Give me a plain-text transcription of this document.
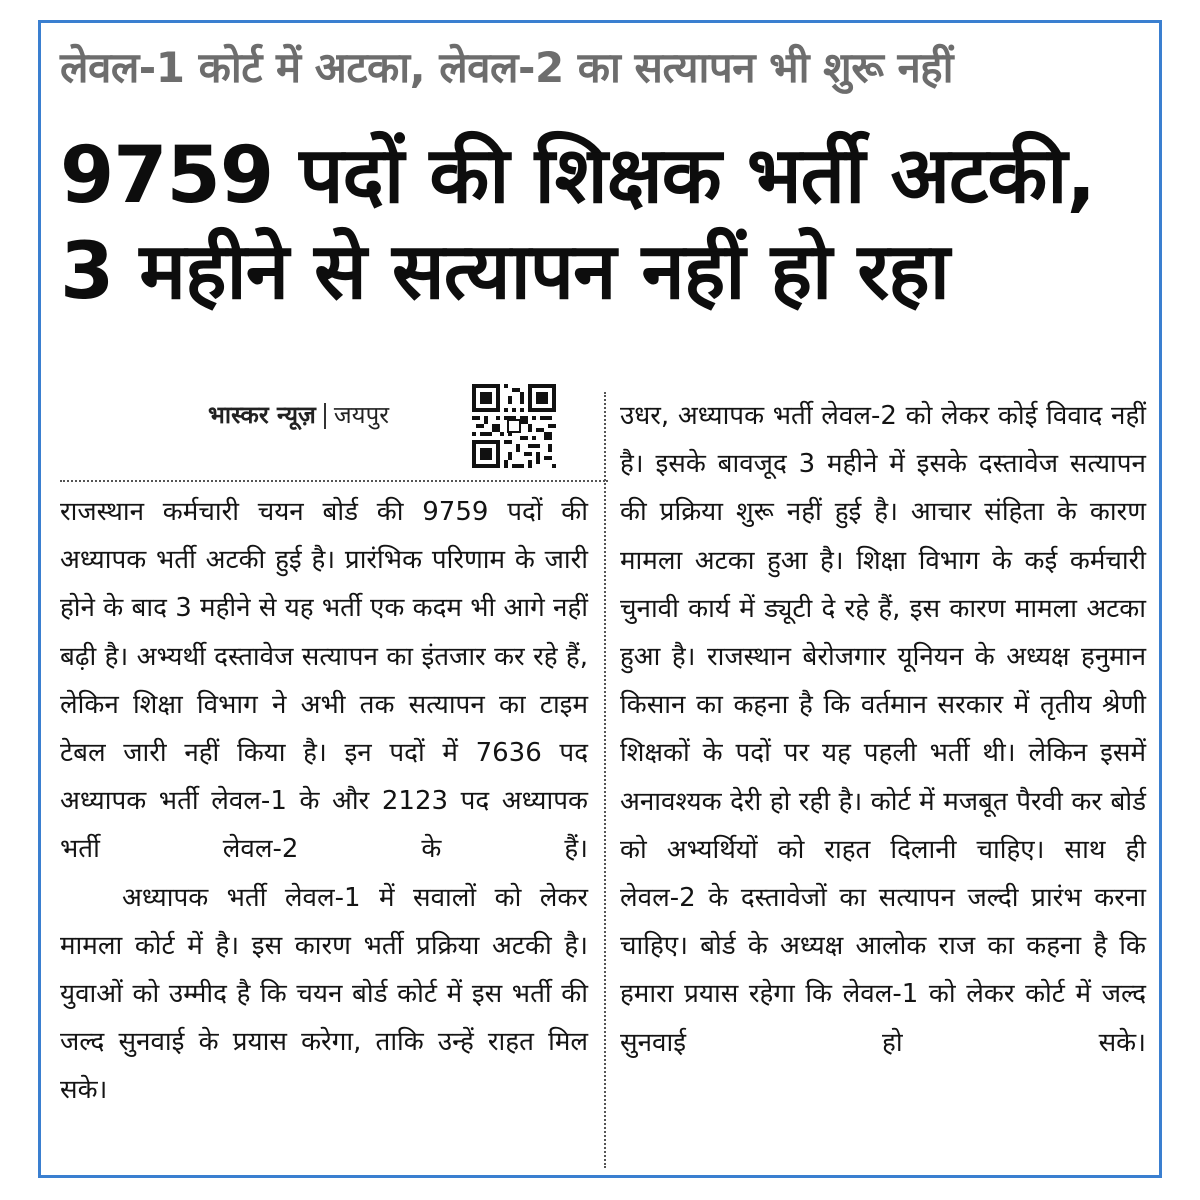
लेवल-1 कोर्ट में अटका, लेवल-2 का सत्यापन भी शुरू नहीं
9759 पदों की शिक्षक भर्ती अटकी,
3 महीने से सत्यापन नहीं हो रहा
भास्कर न्यूज़ जयपुर

राजस्थान कर्मचारी चयन बोर्ड की 9759 पदों की अध्यापक भर्ती अटकी हुई है। प्रारंभिक परिणाम के जारी होने के बाद 3 महीने से यह भर्ती एक कदम भी आगे नहीं बढ़ी है। अभ्यर्थी दस्तावेज सत्यापन का इंतजार कर रहे हैं, लेकिन शिक्षा विभाग ने अभी तक सत्यापन का टाइम टेबल जारी नहीं किया है। इन पदों में 7636 पद अध्यापक भर्ती लेवल-1 के और 2123 पद अध्यापक भर्ती लेवल-2 के हैं।

अध्यापक भर्ती लेवल-1 में सवालों को लेकर मामला कोर्ट में है। इस कारण भर्ती प्रक्रिया अटकी है। युवाओं को उम्मीद है कि चयन बोर्ड कोर्ट में इस भर्ती की जल्द सुनवाई के प्रयास करेगा, ताकि उन्हें राहत मिल सके।

उधर, अध्यापक भर्ती लेवल-2 को लेकर कोई विवाद नहीं है। इसके बावजूद 3 महीने में इसके दस्तावेज सत्यापन की प्रक्रिया शुरू नहीं हुई है। आचार संहिता के कारण मामला अटका हुआ है। शिक्षा विभाग के कई कर्मचारी चुनावी कार्य में ड्यूटी दे रहे हैं, इस कारण मामला अटका हुआ है। राजस्थान बेरोजगार यूनियन के अध्यक्ष हनुमान किसान का कहना है कि वर्तमान सरकार में तृतीय श्रेणी शिक्षकों के पदों पर यह पहली भर्ती थी। लेकिन इसमें अनावश्यक देरी हो रही है। कोर्ट में मजबूत पैरवी कर बोर्ड को अभ्यर्थियों को राहत दिलानी चाहिए। साथ ही लेवल-2 के दस्तावेजों का सत्यापन जल्दी प्रारंभ करना चाहिए। बोर्ड के अध्यक्ष आलोक राज का कहना है कि हमारा प्रयास रहेगा कि लेवल-1 को लेकर कोर्ट में जल्द सुनवाई हो सके।
